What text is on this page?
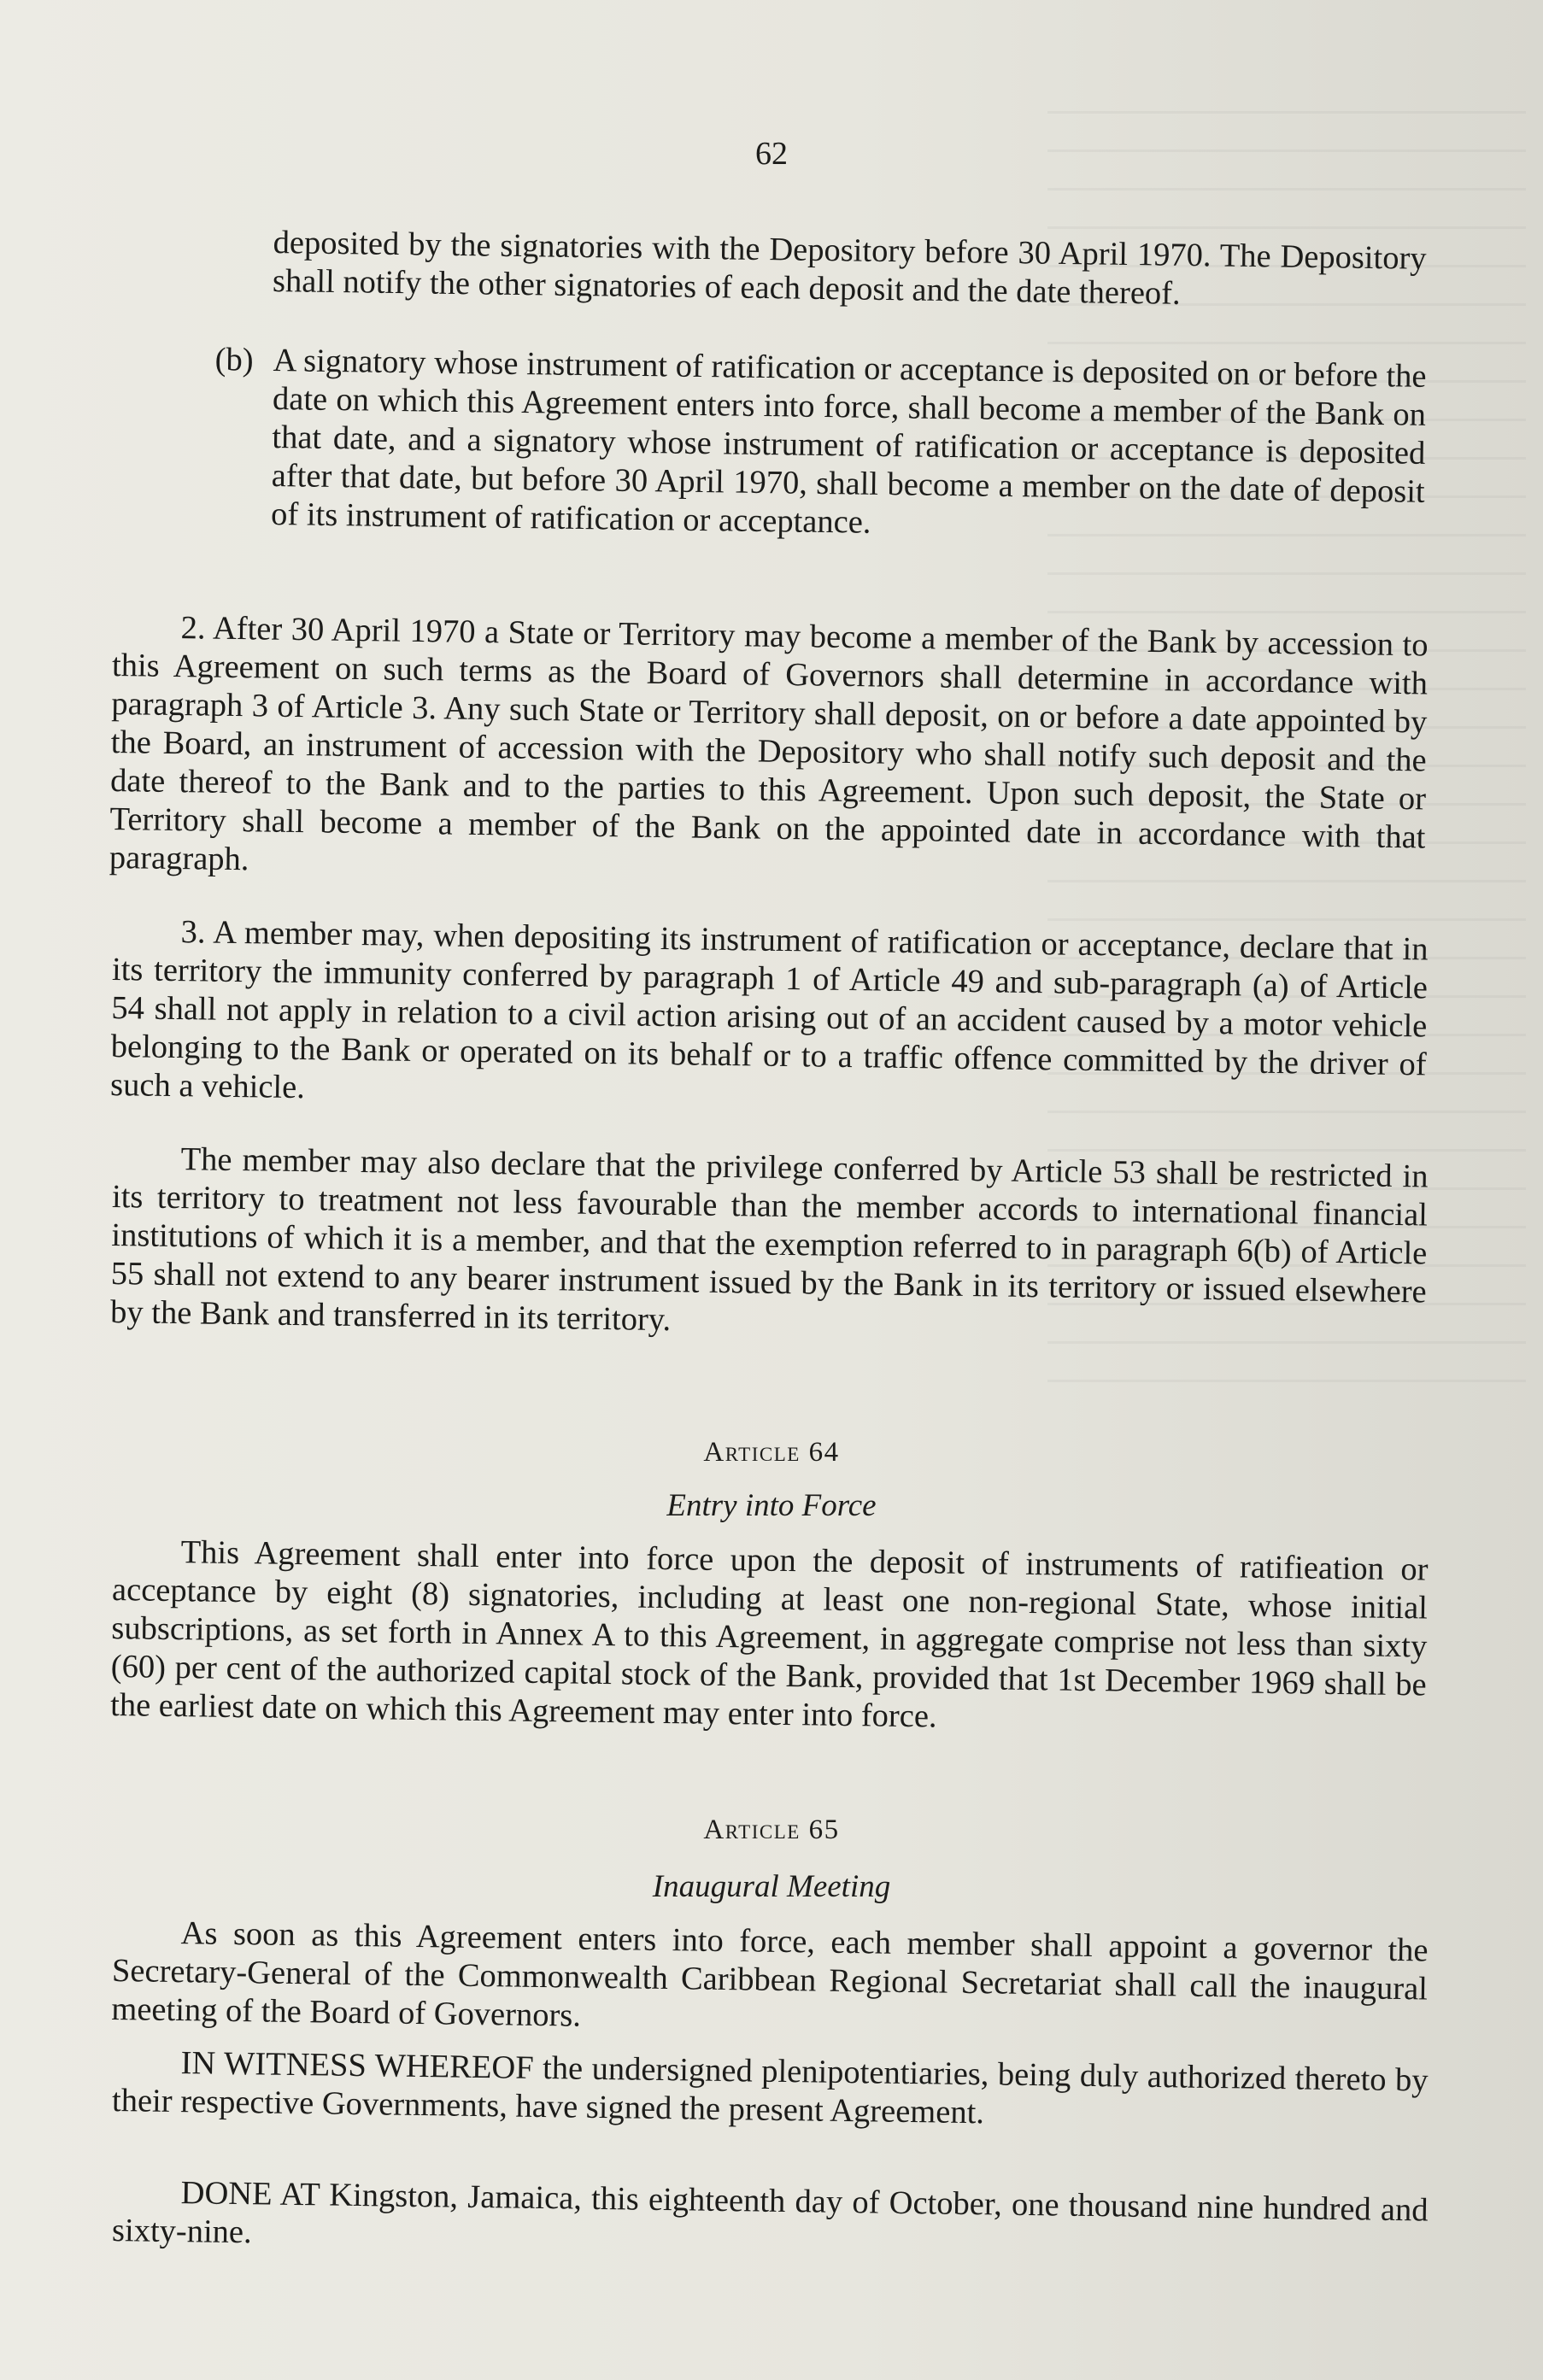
62

deposited by the signatories with the Depository before 30 April 1970. The Depository shall notify the other signatories of each deposit and the date thereof.

(b) A signatory whose instrument of ratification or acceptance is deposited on or before the date on which this Agreement enters into force, shall become a member of the Bank on that date, and a signatory whose instrument of ratification or acceptance is deposited after that date, but before 30 April 1970, shall become a member on the date of deposit of its instrument of ratification or acceptance.

2. After 30 April 1970 a State or Territory may become a member of the Bank by accession to this Agreement on such terms as the Board of Governors shall determine in accordance with paragraph 3 of Article 3. Any such State or Territory shall deposit, on or before a date appointed by the Board, an instrument of accession with the Depository who shall notify such deposit and the date thereof to the Bank and to the parties to this Agreement. Upon such deposit, the State or Territory shall become a member of the Bank on the appointed date in accordance with that paragraph.

3. A member may, when depositing its instrument of ratification or acceptance, declare that in its territory the immunity conferred by paragraph 1 of Article 49 and sub-paragraph (a) of Article 54 shall not apply in relation to a civil action arising out of an accident caused by a motor vehicle belonging to the Bank or operated on its behalf or to a traffic offence committed by the driver of such a vehicle.

The member may also declare that the privilege conferred by Article 53 shall be restricted in its territory to treatment not less favourable than the member accords to international financial institutions of which it is a member, and that the exemption referred to in paragraph 6(b) of Article 55 shall not extend to any bearer instrument issued by the Bank in its territory or issued elsewhere by the Bank and transferred in its territory.

Article 64

Entry into Force

This Agreement shall enter into force upon the deposit of instruments of ratifieation or acceptance by eight (8) signatories, including at least one non-regional State, whose initial subscriptions, as set forth in Annex A to this Agreement, in aggregate comprise not less than sixty (60) per cent of the authorized capital stock of the Bank, provided that 1st December 1969 shall be the earliest date on which this Agreement may enter into force.

Article 65

Inaugural Meeting

As soon as this Agreement enters into force, each member shall appoint a governor the Secretary-General of the Commonwealth Caribbean Regional Secretariat shall call the inaugural meeting of the Board of Governors.

IN WITNESS WHEREOF the undersigned plenipotentiaries, being duly authorized thereto by their respective Governments, have signed the present Agreement.

DONE AT Kingston, Jamaica, this eighteenth day of October, one thousand nine hundred and sixty-nine.
